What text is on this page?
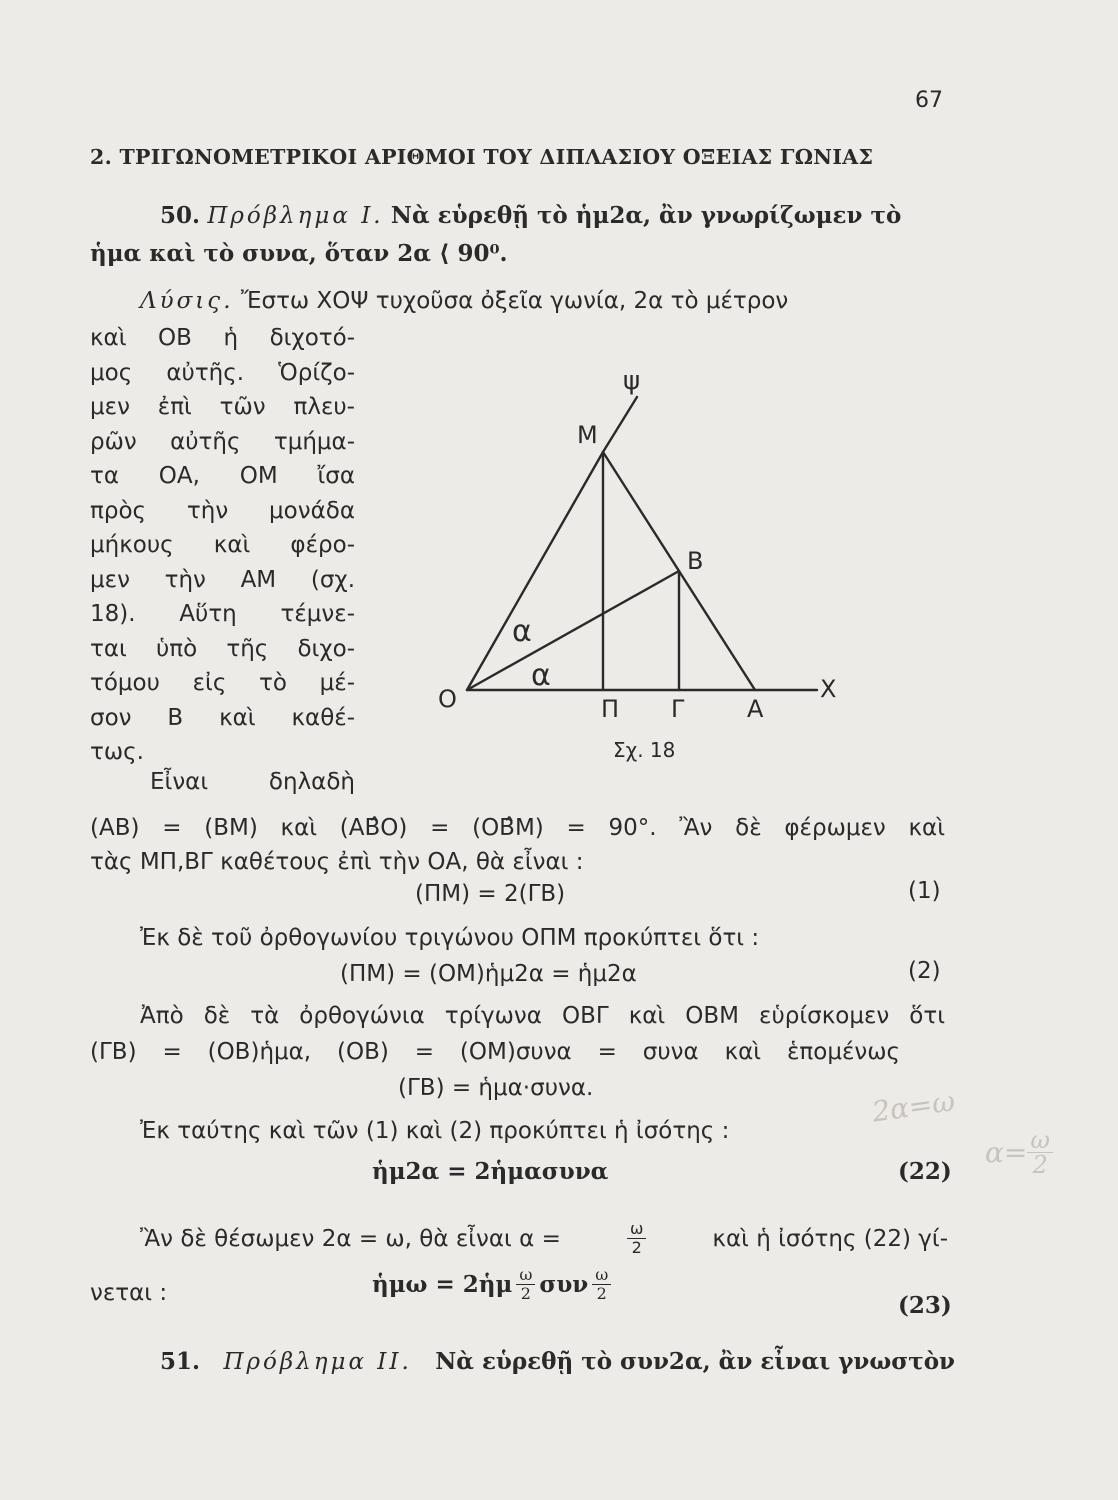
67
2. ΤΡΙΓΩΝΟΜΕΤΡΙΚΟΙ ΑΡΙΘΜΟΙ ΤΟΥ ΔΙΠΛΑΣΙΟΥ ΟΞΕΙΑΣ ΓΩΝΙΑΣ
50. Πρόβλημα Ι. Νὰ εὑρεθῇ τὸ ἡμ2α, ἂν γνωρίζωμεν τὸ
ἡμα καὶ τὸ συνα, ὅταν 2α ⟨ 90⁰.
Λύσις. Ἔστω ΧΟΨ τυχοῦσα ὀξεῖα γωνία, 2α τὸ μέτρον
καὶ ΟΒ ἡ διχοτό-
μος αὐτῆς. Ὁρίζο-
μεν ἐπὶ τῶν πλευ-
ρῶν αὐτῆς τμήμα-
τα ΟΑ, ΟΜ ἴσα
πρὸς τὴν μονάδα
μήκους καὶ φέρο-
μεν τὴν ΑΜ (σχ.
18). Αὕτη τέμνε-
ται ὑπὸ τῆς διχο-
τόμου εἰς τὸ μέ-
σον Β καὶ καθέ-
τως.
Εἶναι δηλαδὴ
ψ
Μ
Β
α
α
Ο	Π Γ	Α
Χ
Σχ. 18
(ΑΒ) = (ΒΜ) καὶ (ΑΒ̂Ο) = (ΟΒ̂Μ) = 90°. Ἂν δὲ φέρωμεν καὶ
τὰς ΜΠ,ΒΓ καθέτους ἐπὶ τὴν ΟΑ, θὰ εἶναι :
(ΠΜ) = 2(ΓΒ)	(1)
Ἐκ δὲ τοῦ ὀρθογωνίου τριγώνου ΟΠΜ προκύπτει ὅτι :
(ΠΜ) = (ΟΜ)ἡμ2α = ἡμ2α	(2)
Ἀπὸ δὲ τὰ ὀρθογώνια τρίγωνα ΟΒΓ καὶ ΟΒΜ εὑρίσκομεν ὅτι
(ΓΒ) = (ΟΒ)ἡμα, (ΟΒ) = (ΟΜ)συνα = συνα καὶ ἑπομένως
(ΓΒ) = ἡμα·συνα.
Ἐκ ταύτης καὶ τῶν (1) καὶ (2) προκύπτει ἡ ἰσότης :
ἡμ2α = 2ἡμασυνα	(22)
Ἂν δὲ θέσωμεν 2α = ω, θὰ εἶναι α =	$\frac{\omega}{2}$	καὶ ἡ ἰσότης (22) γί-
νεται :	ἡμω = 2ἡμ $\frac{\omega}{2}$ συν $\frac{\omega}{2}$
(23)
51. Πρόβλημα ΙΙ. Νὰ εὑρεθῇ τὸ συν2α, ἂν εἶναι γνωστὸν
2α=ω
$\alpha= \frac{\omega}{2}$
